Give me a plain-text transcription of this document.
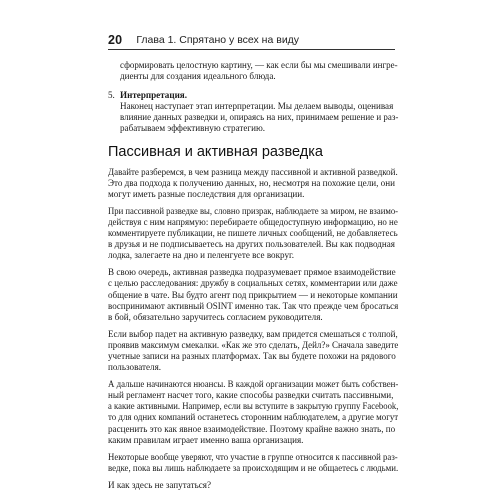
20 Глава 1. Спрятано у всех на виду
сформировать целостную картину, — как если бы мы смешивали ингре-
диенты для создания идеального блюда.
5. Интерпретация.
Наконец наступает этап интерпретации. Мы делаем выводы, оценивая
влияние данных разведки и, опираясь на них, принимаем решение и раз-
рабатываем эффективную стратегию.
Пассивная и активная разведка
Давайте разберемся, в чем разница между пассивной и активной разведкой.
Это два подхода к получению данных, но, несмотря на похожие цели, они
могут иметь разные последствия для организации.
При пассивной разведке вы, словно призрак, наблюдаете за миром, не взаимо-
действуя с ним напрямую: перебираете общедоступную информацию, но не
комментируете публикации, не пишете личных сообщений, не добавляетесь
в друзья и не подписываетесь на других пользователей. Вы как подводная
лодка, залегаете на дно и пеленгуете все вокруг.
В свою очередь, активная разведка подразумевает прямое взаимодействие
с целью расследования: дружбу в социальных сетях, комментарии или даже
общение в чате. Вы будто агент под прикрытием — и некоторые компании
воспринимают активный OSINT именно так. Так что прежде чем бросаться
в бой, обязательно заручитесь согласием руководителя.
Если выбор падет на активную разведку, вам придется смешаться с толпой,
проявив максимум смекалки. «Как же это сделать, Дейл?» Сначала заведите
учетные записи на разных платформах. Так вы будете похожи на рядового
пользователя.
А дальше начинаются нюансы. В каждой организации может быть собствен-
ный регламент насчет того, какие способы разведки считать пассивными,
а какие активными. Например, если вы вступите в закрытую группу Facebook,
то для одних компаний останетесь сторонним наблюдателем, а другие могут
расценить это как явное взаимодействие. Поэтому крайне важно знать, по
каким правилам играет именно ваша организация.
Некоторые вообще уверяют, что участие в группе относится к пассивной раз-
ведке, пока вы лишь наблюдаете за происходящим и не общаетесь с людьми.
И как здесь не запутаться?
